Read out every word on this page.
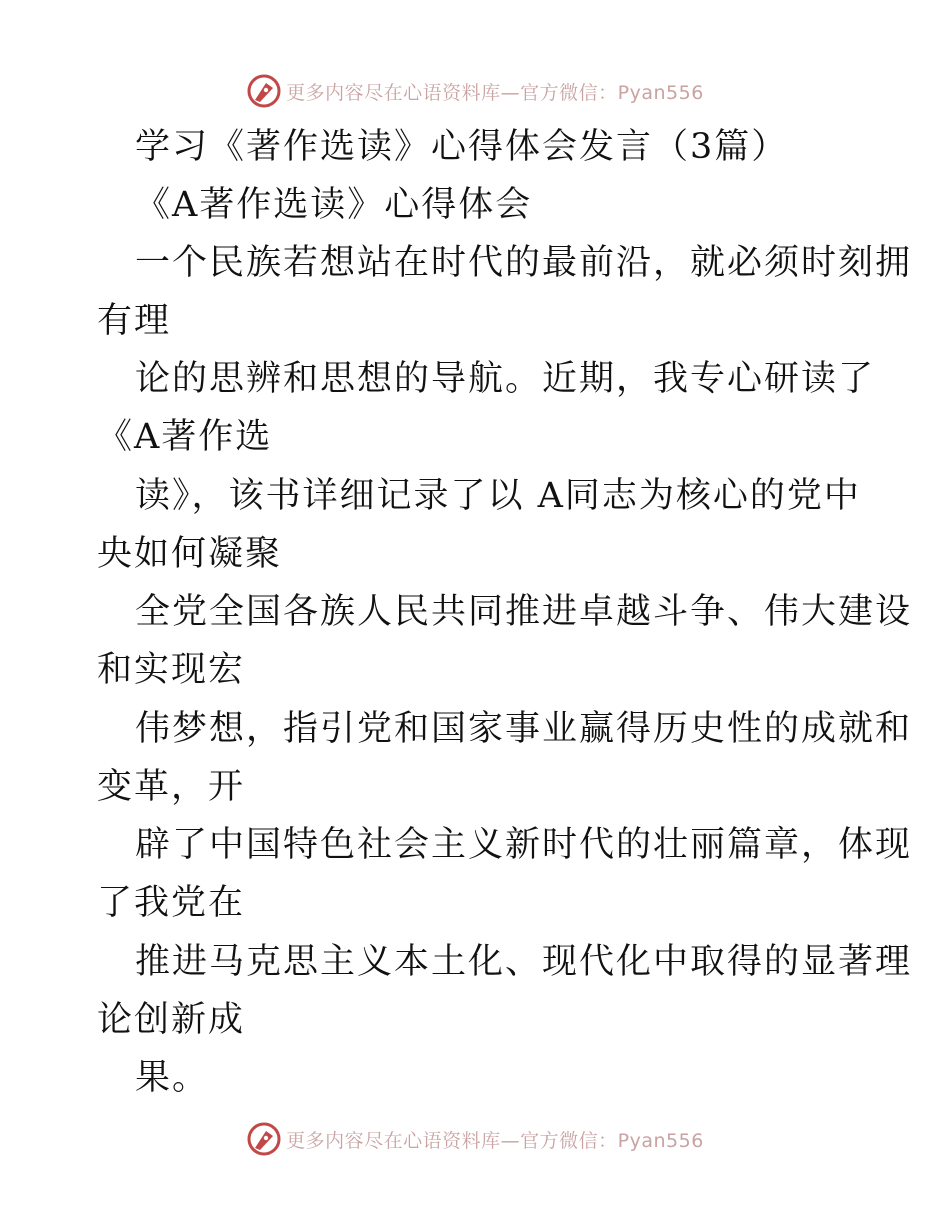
更多内容尽在心语资料库—官方微信：Pyan556
学习《著作选读》心得体会发言（3篇）
《A著作选读》心得体会
一个民族若想站在时代的最前沿，就必须时刻拥
有理
论的思辨和思想的导航。近期，我专心研读了
《A著作选
读》，该书详细记录了以 A同志为核心的党中
央如何凝聚
全党全国各族人民共同推进卓越斗争、伟大建设
和实现宏
伟梦想，指引党和国家事业赢得历史性的成就和
变革，开
辟了中国特色社会主义新时代的壮丽篇章，体现
了我党在
推进马克思主义本土化、现代化中取得的显著理
论创新成
果。
更多内容尽在心语资料库—官方微信：Pyan556
